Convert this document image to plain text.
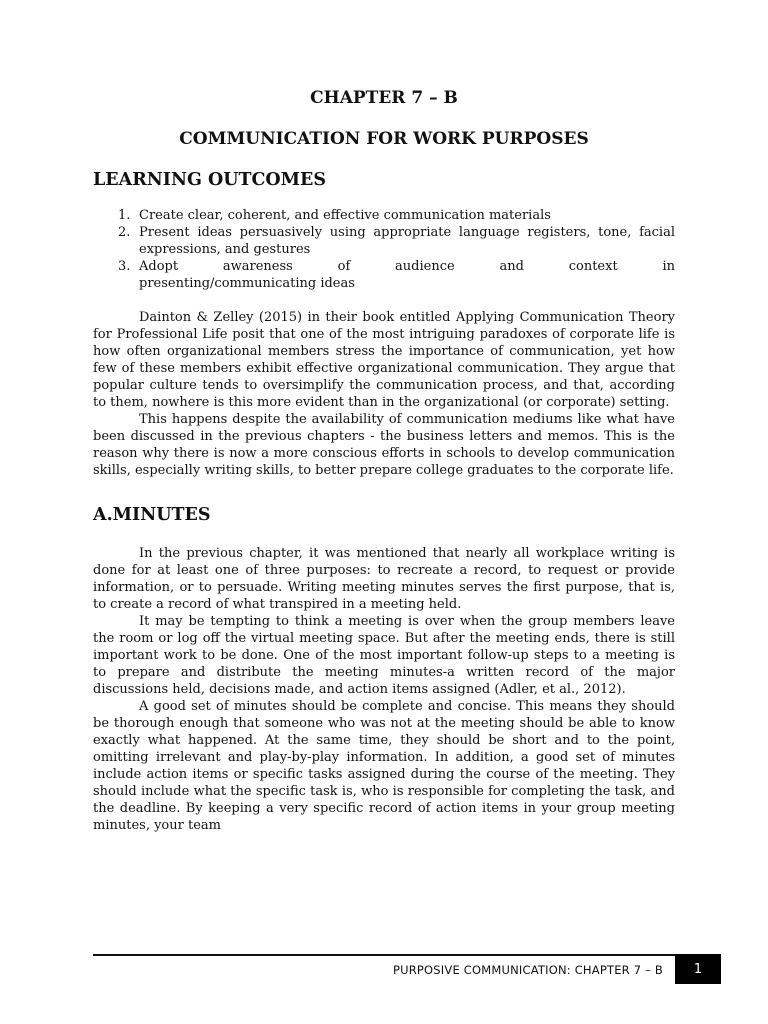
CHAPTER 7 – B
COMMUNICATION FOR WORK PURPOSES
LEARNING OUTCOMES
1. Create clear, coherent, and effective communication materials
2. Present ideas persuasively using appropriate language registers, tone, facial expressions, and gestures
3. Adopt awareness of audience and context in
presenting/communicating ideas

Dainton & Zelley (2015) in their book entitled Applying Communication Theory for Professional Life posit that one of the most intriguing paradoxes of corporate life is how often organizational members stress the importance of communication, yet how few of these members exhibit effective organizational communication. They argue that popular culture tends to oversimplify the communication process, and that, according to them, nowhere is this more evident than in the organizational (or corporate) setting.

This happens despite the availability of communication mediums like what have been discussed in the previous chapters - the business letters and memos. This is the reason why there is now a more conscious efforts in schools to develop communication skills, especially writing skills, to better prepare college graduates to the corporate life.

A.MINUTES

In the previous chapter, it was mentioned that nearly all workplace writing is done for at least one of three purposes: to recreate a record, to request or provide information, or to persuade. Writing meeting minutes serves the first purpose, that is, to create a record of what transpired in a meeting held.

It may be tempting to think a meeting is over when the group members leave the room or log off the virtual meeting space. But after the meeting ends, there is still important work to be done. One of the most important follow-up steps to a meeting is to prepare and distribute the meeting minutes-a written record of the major discussions held, decisions made, and action items assigned (Adler, et al., 2012).

A good set of minutes should be complete and concise. This means they should be thorough enough that someone who was not at the meeting should be able to know exactly what happened. At the same time, they should be short and to the point, omitting irrelevant and play-by-play information. In addition, a good set of minutes include action items or specific tasks assigned during the course of the meeting. They should include what the specific task is, who is responsible for completing the task, and the deadline. By keeping a very specific record of action items in your group meeting minutes, your team

PURPOSIVE COMMUNICATION: CHAPTER 7 – B 1
